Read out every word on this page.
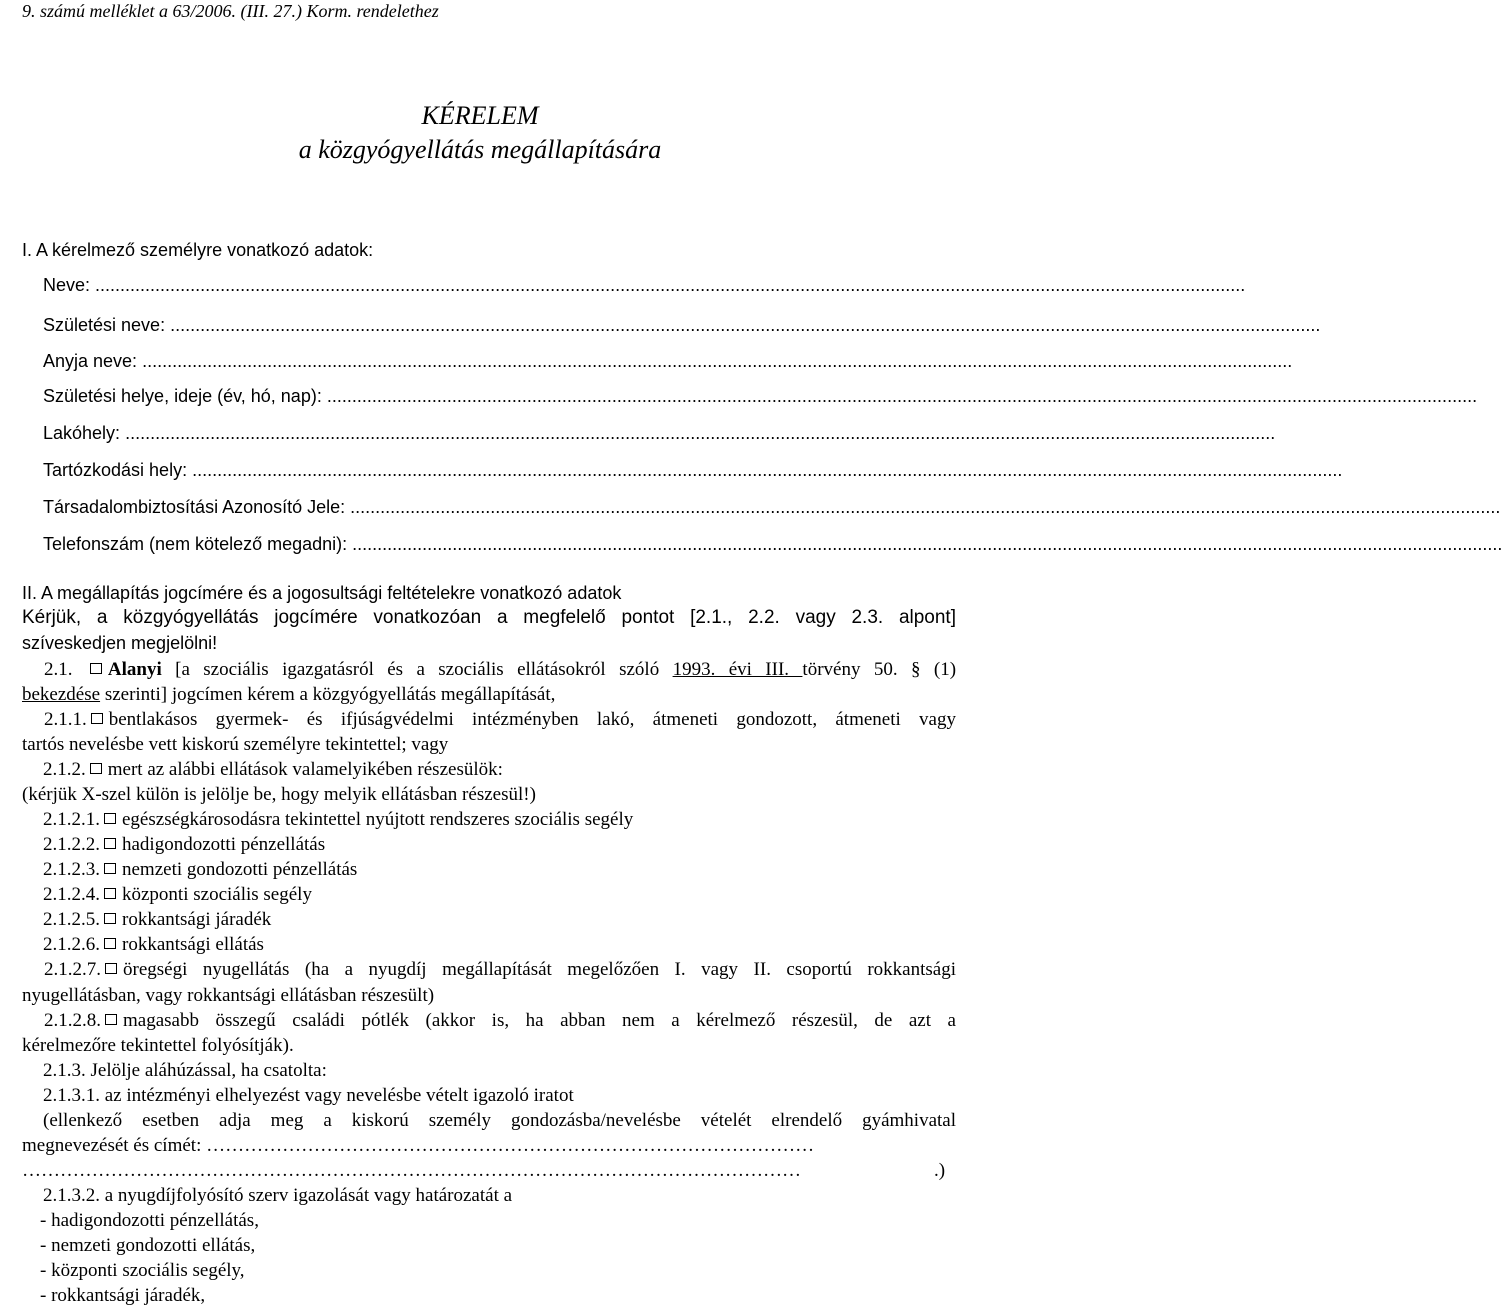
9. számú melléklet a 63/2006. (III. 27.) Korm. rendelethez
KÉRELEM
a közgyógyellátás megállapítására
I. A kérelmező személyre vonatkozó adatok:
Neve: ......................................................................................................................................................................................................................................
Születési neve: ......................................................................................................................................................................................................................................
Anyja neve: ......................................................................................................................................................................................................................................
Születési helye, ideje (év, hó, nap): ......................................................................................................................................................................................................................................
Lakóhely: ......................................................................................................................................................................................................................................
Tartózkodási hely: ......................................................................................................................................................................................................................................
Társadalombiztosítási Azonosító Jele: ......................................................................................................................................................................................................................................
Telefonszám (nem kötelező megadni): ......................................................................................................................................................................................................................................
II. A megállapítás jogcímére és a jogosultsági feltételekre vonatkozó adatok
Kérjük, a közgyógyellátás jogcímére vonatkozóan a megfelelő pontot [2.1., 2.2. vagy 2.3. alpont]
szíveskedjen megjelölni!
2.1. Alanyi [a szociális igazgatásról és a szociális ellátásokról szóló 1993. évi III. törvény 50. § (1)
bekezdése szerinti] jogcímen kérem a közgyógyellátás megállapítását,
2.1.1. bentlakásos gyermek- és ifjúságvédelmi intézményben lakó, átmeneti gondozott, átmeneti vagy
tartós nevelésbe vett kiskorú személyre tekintettel; vagy
2.1.2. mert az alábbi ellátások valamelyikében részesülök:
(kérjük X-szel külön is jelölje be, hogy melyik ellátásban részesül!)
2.1.2.1. egészségkárosodásra tekintettel nyújtott rendszeres szociális segély
2.1.2.2. hadigondozotti pénzellátás
2.1.2.3. nemzeti gondozotti pénzellátás
2.1.2.4. központi szociális segély
2.1.2.5. rokkantsági járadék
2.1.2.6. rokkantsági ellátás
2.1.2.7. öregségi nyugellátás (ha a nyugdíj megállapítását megelőzően I. vagy II. csoportú rokkantsági
nyugellátásban, vagy rokkantsági ellátásban részesült)
2.1.2.8. magasabb összegű családi pótlék (akkor is, ha abban nem a kérelmező részesül, de azt a
kérelmezőre tekintettel folyósítják).
2.1.3. Jelölje aláhúzással, ha csatolta:
2.1.3.1. az intézményi elhelyezést vagy nevelésbe vételt igazoló iratot
(ellenkező esetben adja meg a kiskorú személy gondozásba/nevelésbe vételét elrendelő gyámhivatal
megnevezését és címét: ……………………………………………………………………………………
……………………………………………………………………………………………………………	.)
2.1.3.2. a nyugdíjfolyósító szerv igazolását vagy határozatát a
- hadigondozotti pénzellátás,
- nemzeti gondozotti ellátás,
- központi szociális segély,
- rokkantsági járadék,
